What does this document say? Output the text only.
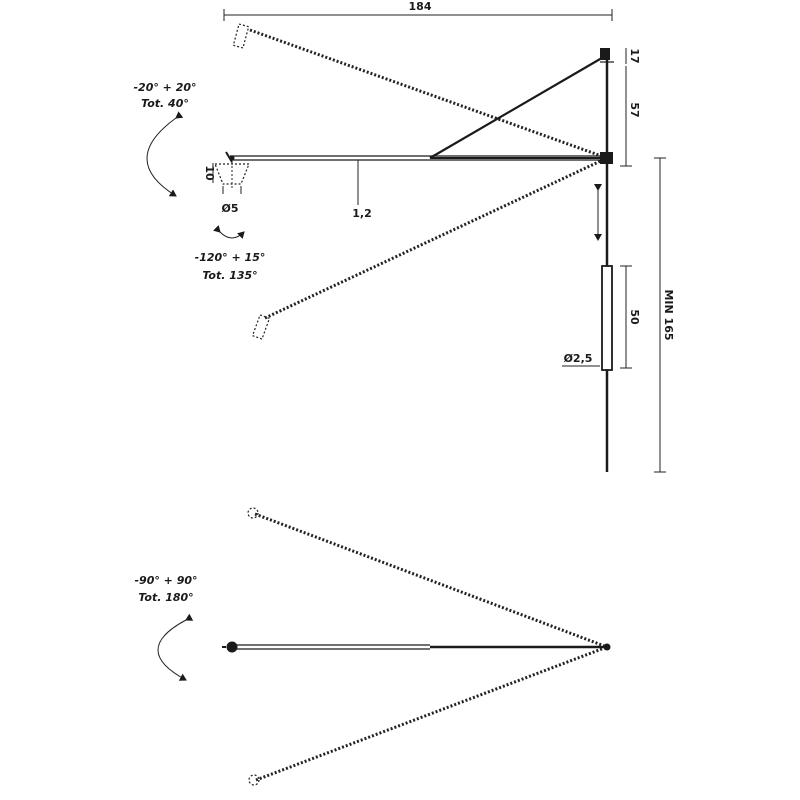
184
10
Ø5	1,2
-120° + 15°
Tot. 135°
-20° + 20°
Tot. 40°
17
57
50
Ø2,5
MIN 165
-90° + 90°
Tot. 180°
